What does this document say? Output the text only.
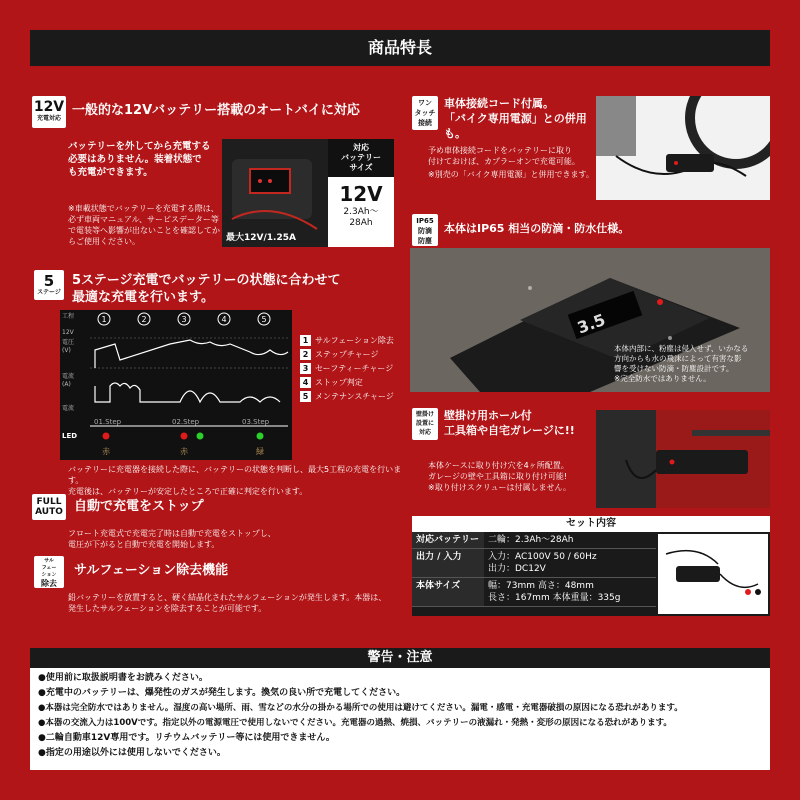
商品特長
12V
充電対応
一般的な12Vバッテリー搭載のオートバイに対応
バッテリーを外してから充電する
必要はありません。装着状態で
も充電ができます。
※車載状態でバッテリーを充電する際は、
必ず車両マニュアル、サービスデーター等
で電装等へ影響が出ないことを確認してか
らご使用ください。	最大12V/1.25A
対応
バッテリー
サイズ
12V
2.3Ah〜
28Ah
5
ステージ
5ステージ充電でバッテリーの状態に合わせて
最適な充電を行います。
工程
12V
電圧
(V)
電流
(A)
電流
1	2	3	4	5
01.Step	02.Step	03.Step
LED
赤	赤	緑
1 サルフェーション除去
2 ステップチャージ
3 セーフティーチャージ
4 ストップ判定
5 メンテナンスチャージ
バッテリーに充電器を接続した際に、バッテリーの状態を判断し、最大5工程の充電を行います。
充電後は、バッテリーが安定したところで正確に判定を行います。
FULL
AUTO 自動で充電をストップ
フロート充電式で充電完了時は自動で充電をストップし、
電圧が下がると自動で充電を開始します。
サル
フェー
ション
除去
サルフェーション除去機能
鉛バッテリーを放置すると、硬く結晶化されたサルフェーションが発生します。本器は、
発生したサルフェーションを除去することが可能です。
ワン
タッチ
接続
車体接続コード付属。
「バイク専用電源」との併用も。
予め車体接続コードをバッテリーに取り
付けておけば、カプラーオンで充電可能。
※別売の「バイク専用電源」と併用できます。
IP65
防滴
防塵
本体はIP65 相当の防滴・防水仕様。
3.5
本体内部に、粉塵は侵入せず、いかなる
方向からも水の飛沫によって有害な影
響を受けない防滴・防塵設計です。
※完全防水ではありません。
壁掛け
設置に
対応
壁掛け用ホール付
工具箱や自宅ガレージに!!
本体ケースに取り付け穴を4ヶ所配置。
ガレージの壁や工具箱に取り付け可能!
※取り付けスクリューは付属しません。
セット内容
対応バッテリー	二輪：2.3Ah〜28Ah
出力 / 入力	入力：AC100V 50 / 60Hz
出力：DC12V

本体サイズ	幅：73mm 高さ：48mm
長さ：167mm 本体重量：335g
警告・注意
●使用前に取扱説明書をお読みください。
●充電中のバッテリーは、爆発性のガスが発生します。換気の良い所で充電してください。
●本器は完全防水ではありません。湿度の高い場所、雨、雪などの水分の掛かる場所での使用は避けてください。漏電・感電・充電器破損の原因になる恐れがあります。
●本器の交流入力は100Vです。指定以外の電源電圧で使用しないでください。充電器の過熱、焼損、バッテリーの液漏れ・発熱・変形の原因になる恐れがあります。
●二輪自動車12V専用です。リチウムバッテリー等には使用できません。
●指定の用途以外には使用しないでください。
